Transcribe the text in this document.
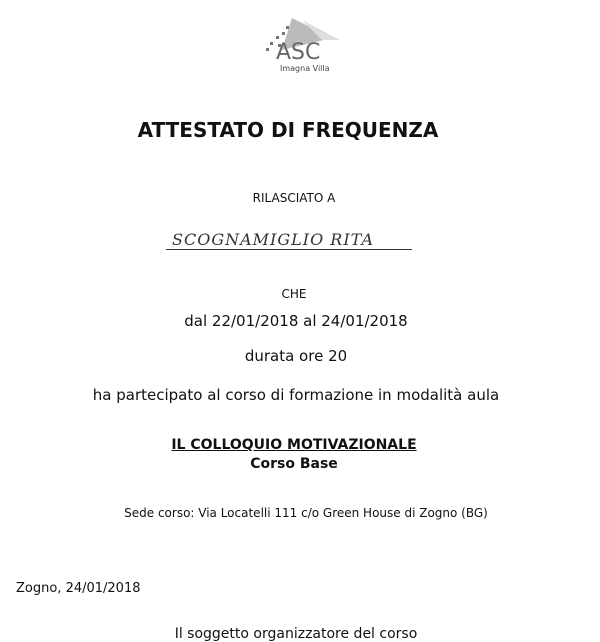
ASC
Imagna Villa
ATTESTATO DI FREQUENZA
RILASCIATO A
SCOGNAMIGLIO RITA
CHE
dal 22/01/2018 al 24/01/2018
durata ore 20
ha partecipato al corso di formazione in modalità aula
IL COLLOQUIO MOTIVAZIONALE
Corso Base
Sede corso: Via Locatelli 111 c/o Green House di Zogno (BG)
Zogno, 24/01/2018
Il soggetto organizzatore del corso
